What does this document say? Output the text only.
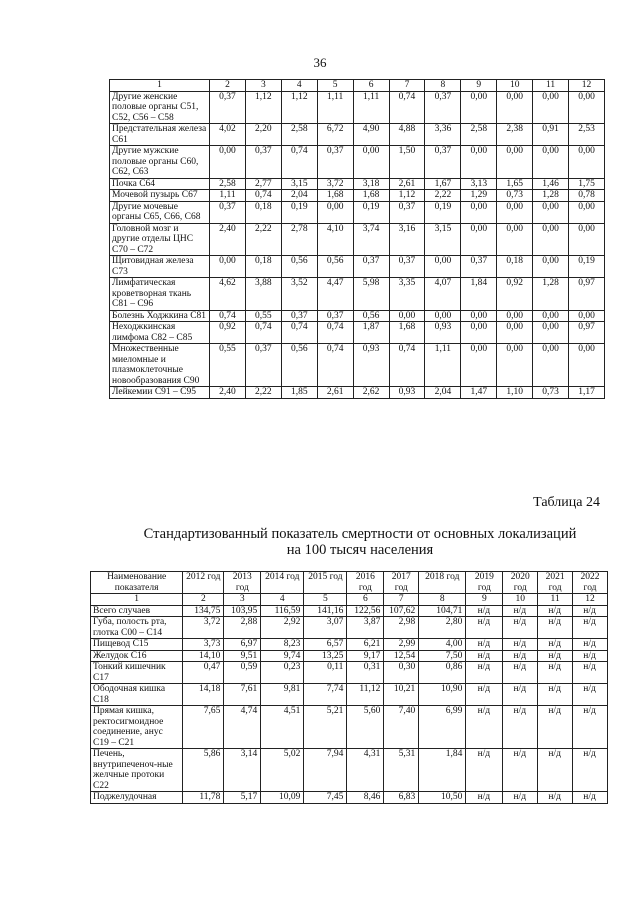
36
1	2	3	4	5	6	7	8	9	10	11	12
Другие женские половые органы С51, С52, С56 – С58	0,37	1,12	1,12	1,11	1,11	0,74	0,37	0,00	0,00	0,00	0,00
Предстательная железа С61	4,02	2,20	2,58	6,72	4,90	4,88	3,36	2,58	2,38	0,91	2,53
Другие мужские половые органы С60, С62, С63	0,00	0,37	0,74	0,37	0,00	1,50	0,37	0,00	0,00	0,00	0,00
Почка С64	2,58	2,77	3,15	3,72	3,18	2,61	1,67	3,13	1,65	1,46	1,75
Мочевой пузырь С67	1,11	0,74	2,04	1,68	1,68	1,12	2,22	1,29	0,73	1,28	0,78
Другие мочевые органы С65, С66, С68	0,37	0,18	0,19	0,00	0,19	0,37	0,19	0,00	0,00	0,00	0,00
Головной мозг и другие отделы ЦНС С70 – С72	2,40	2,22	2,78	4,10	3,74	3,16	3,15	0,00	0,00	0,00	0,00
Щитовидная железа С73	0,00	0,18	0,56	0,56	0,37	0,37	0,00	0,37	0,18	0,00	0,19
Лимфатическая кроветворная ткань С81 – С96	4,62	3,88	3,52	4,47	5,98	3,35	4,07	1,84	0,92	1,28	0,97
Болезнь Ходжкина С81	0,74	0,55	0,37	0,37	0,56	0,00	0,00	0,00	0,00	0,00	0,00
Неходжкинская лимфома С82 – С85	0,92	0,74	0,74	0,74	1,87	1,68	0,93	0,00	0,00	0,00	0,97
Множественные миеломные и плазмоклеточные новообразования С90	0,55	0,37	0,56	0,74	0,93	0,74	1,11	0,00	0,00	0,00	0,00
Лейкемии С91 – С95	2,40	2,22	1,85	2,61	2,62	0,93	2,04	1,47	1,10	0,73	1,17
Таблица 24
Стандартизованный показатель смертности от основных локализаций
на 100 тысяч населения
Наименование показателя	2012 год	2013 год	2014 год	2015 год	2016 год	2017 год	2018 год	2019 год	2020 год	2021 год	2022 год
1	2	3	4	5	6	7	8	9	10	11	12
Всего случаев	134,75	103,95	116,59	141,16	122,56	107,62	104,71	н/д	н/д	н/д	н/д
Губа, полость рта, глотка С00 – С14	3,72	2,88	2,92	3,07	3,87	2,98	2,80	н/д	н/д	н/д	н/д
Пищевод С15	3,73	6,97	8,23	6,57	6,21	2,99	4,00	н/д	н/д	н/д	н/д
Желудок С16	14,10	9,51	9,74	13,25	9,17	12,54	7,50	н/д	н/д	н/д	н/д
Тонкий кишечник С17	0,47	0,59	0,23	0,11	0,31	0,30	0,86	н/д	н/д	н/д	н/д
Ободочная кишка С18	14,18	7,61	9,81	7,74	11,12	10,21	10,90	н/д	н/д	н/д	н/д
Прямая кишка, ректосигмоидное соединение, анус С19 – С21	7,65	4,74	4,51	5,21	5,60	7,40	6,99	н/д	н/д	н/д	н/д
Печень, внутрипеченоч-ные желчные протоки С22	5,86	3,14	5,02	7,94	4,31	5,31	1,84	н/д	н/д	н/д	н/д
Поджелудочная	11,78	5,17	10,09	7,45	8,46	6,83	10,50	н/д	н/д	н/д	н/д
